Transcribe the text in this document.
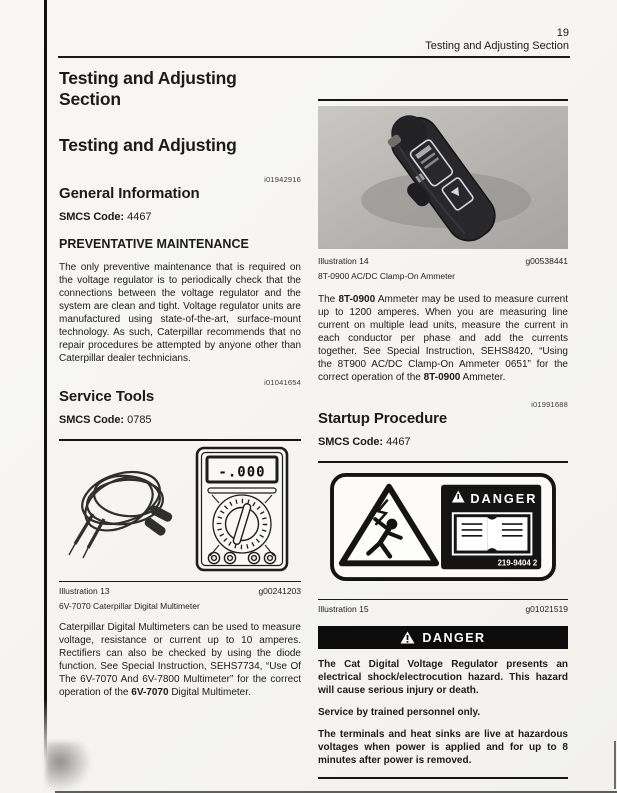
19
Testing and Adjusting Section
Testing and Adjusting Section
Testing and Adjusting
i01942916
General Information
SMCS Code: 4467
PREVENTATIVE MAINTENANCE

The only preventive maintenance that is required on the voltage regulator is to periodically check that the connections between the voltage regulator and the system are clean and tight. Voltage regulator units are manufactured using state-of-the-art, surface-mount technology. As such, Caterpillar recommends that no repair procedures be attempted by anyone other than Caterpillar dealer technicians.

i01041654
Service Tools
SMCS Code: 0785
-.000
Illustration 13	g00241203
6V-7070 Caterpillar Digital Multimeter

Caterpillar Digital Multimeters can be used to measure voltage, resistance or current up to 10 amperes. Rectifiers can also be checked by using the diode function. See Special Instruction, SEHS7734, “Use Of The 6V-7070 And 6V-7800 Multimeter” for the correct operation of the 6V-7070 Digital Multimeter.

Illustration 14	g00538441
8T-0900 AC/DC Clamp-On Ammeter

The 8T-0900 Ammeter may be used to measure current up to 1200 amperes. When you are measuring line current on multiple lead units, measure the current in each conductor per phase and add the currents together. See Special Instruction, SEHS8420, “Using the 8T900 AC/DC Clamp-On Ammeter 0651” for the correct operation of the 8T-0900 Ammeter.

i01991688
Startup Procedure
SMCS Code: 4467
DANGER
219-9404 2
Illustration 15	g01021519
DANGER

The Cat Digital Voltage Regulator presents an electrical shock/electrocution hazard. This hazard will cause serious injury or death.

Service by trained personnel only.

The terminals and heat sinks are live at hazardous voltages when power is applied and for up to 8 minutes after power is removed.
